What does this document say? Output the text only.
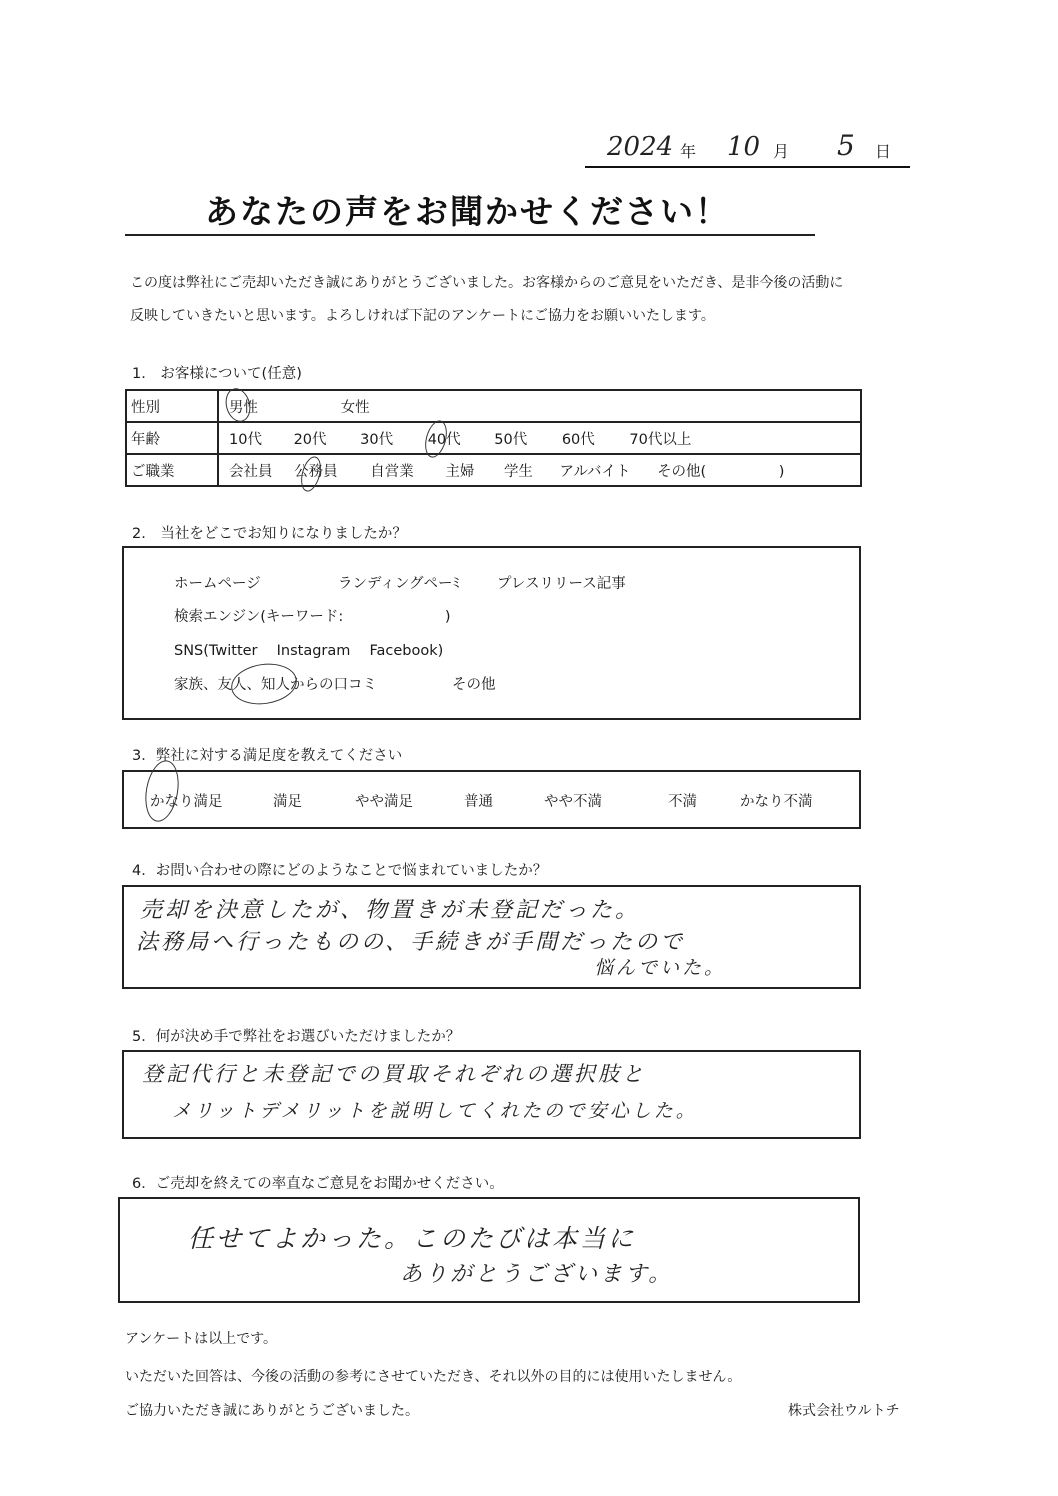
2024 年 10 月 5 日
あなたの声をお聞かせください！
この度は弊社にご売却いただき誠にありがとうございました。お客様からのご意見をいただき、是非今後の活動に
反映していきたいと思います。よろしければ下記のアンケートにご協力をお願いいたします。
1.　お客様について(任意)
性別	男性 女性
年齢	10代 20代 30代 40代 50代 60代 70代以上
ご職業	会社員 公務員 自営業 主婦 学生 アルバイト その他(　　　　　)
2.　当社をどこでお知りになりましたか？
ホームページ	ランディングペーﾐ	プレスリリース記事
検索エンジン(キーワード:　　　　　　　)
SNS(Twitter　 Instagram　 Facebook)
家族、友人、知人からの口コミ	その他
3．弊社に対する満足度を教えてください
かなり満足	満足	やや満足	普通	やや不満	不満	かなり不満
4．お問い合わせの際にどのようなことで悩まれていましたか？
売却を決意したが、物置きが未登記だった。
法務局へ行ったものの、手続きが手間だったので
悩んでいた。
5．何が決め手で弊社をお選びいただけましたか？
登記代行と未登記での買取それぞれの選択肢と
メリットデメリットを説明してくれたので安心した。
6．ご売却を終えての率直なご意見をお聞かせください。
任せてよかった。このたびは本当に
ありがとうございます。
アンケートは以上です。
いただいた回答は、今後の活動の参考にさせていただき、それ以外の目的には使用いたしません。
ご協力いただき誠にありがとうございました。	株式会社ウルトチ
